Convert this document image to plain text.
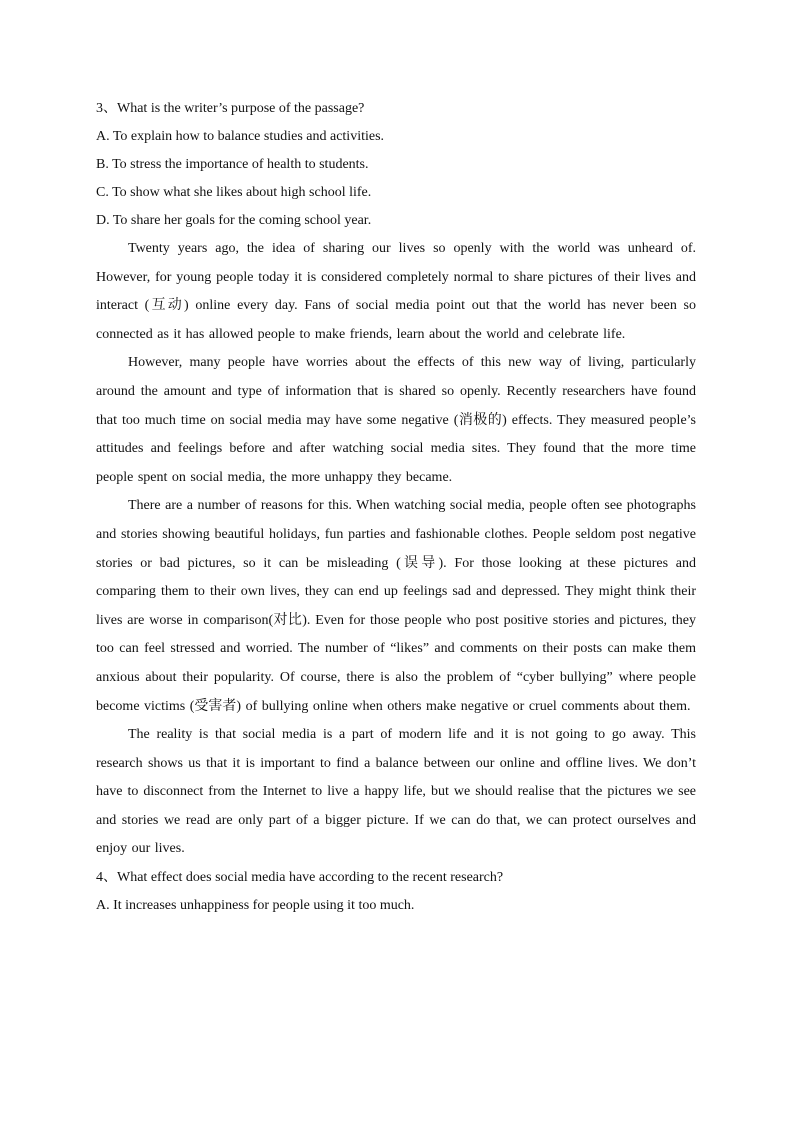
3、What is the writer’s purpose of the passage?

A. To explain how to balance studies and activities.

B. To stress the importance of health to students.

C. To show what she likes about high school life.

D. To share her goals for the coming school year.

Twenty years ago, the idea of sharing our lives so openly with the world was unheard of. However, for young people today it is considered completely normal to share pictures of their lives and interact (互动) online every day. Fans of social media point out that the world has never been so connected as it has allowed people to make friends, learn about the world and celebrate life.

However, many people have worries about the effects of this new way of living, particularly around the amount and type of information that is shared so openly. Recently researchers have found that too much time on social media may have some negative (消极的) effects. They measured people’s attitudes and feelings before and after watching social media sites. They found that the more time people spent on social media, the more unhappy they became.

There are a number of reasons for this. When watching social media, people often see photographs and stories showing beautiful holidays, fun parties and fashionable clothes. People seldom post negative stories or bad pictures, so it can be misleading (误导). For those looking at these pictures and comparing them to their own lives, they can end up feelings sad and depressed. They might think their lives are worse in comparison(对比). Even for those people who post positive stories and pictures, they too can feel stressed and worried. The number of “likes” and comments on their posts can make them anxious about their popularity. Of course, there is also the problem of “cyber bullying” where people become victims (受害者) of bullying online when others make negative or cruel comments about them.

The reality is that social media is a part of modern life and it is not going to go away. This research shows us that it is important to find a balance between our online and offline lives. We don’t have to disconnect from the Internet to live a happy life, but we should realise that the pictures we see and stories we read are only part of a bigger picture. If we can do that, we can protect ourselves and enjoy our lives.

4、What effect does social media have according to the recent research?

A. It increases unhappiness for people using it too much.
